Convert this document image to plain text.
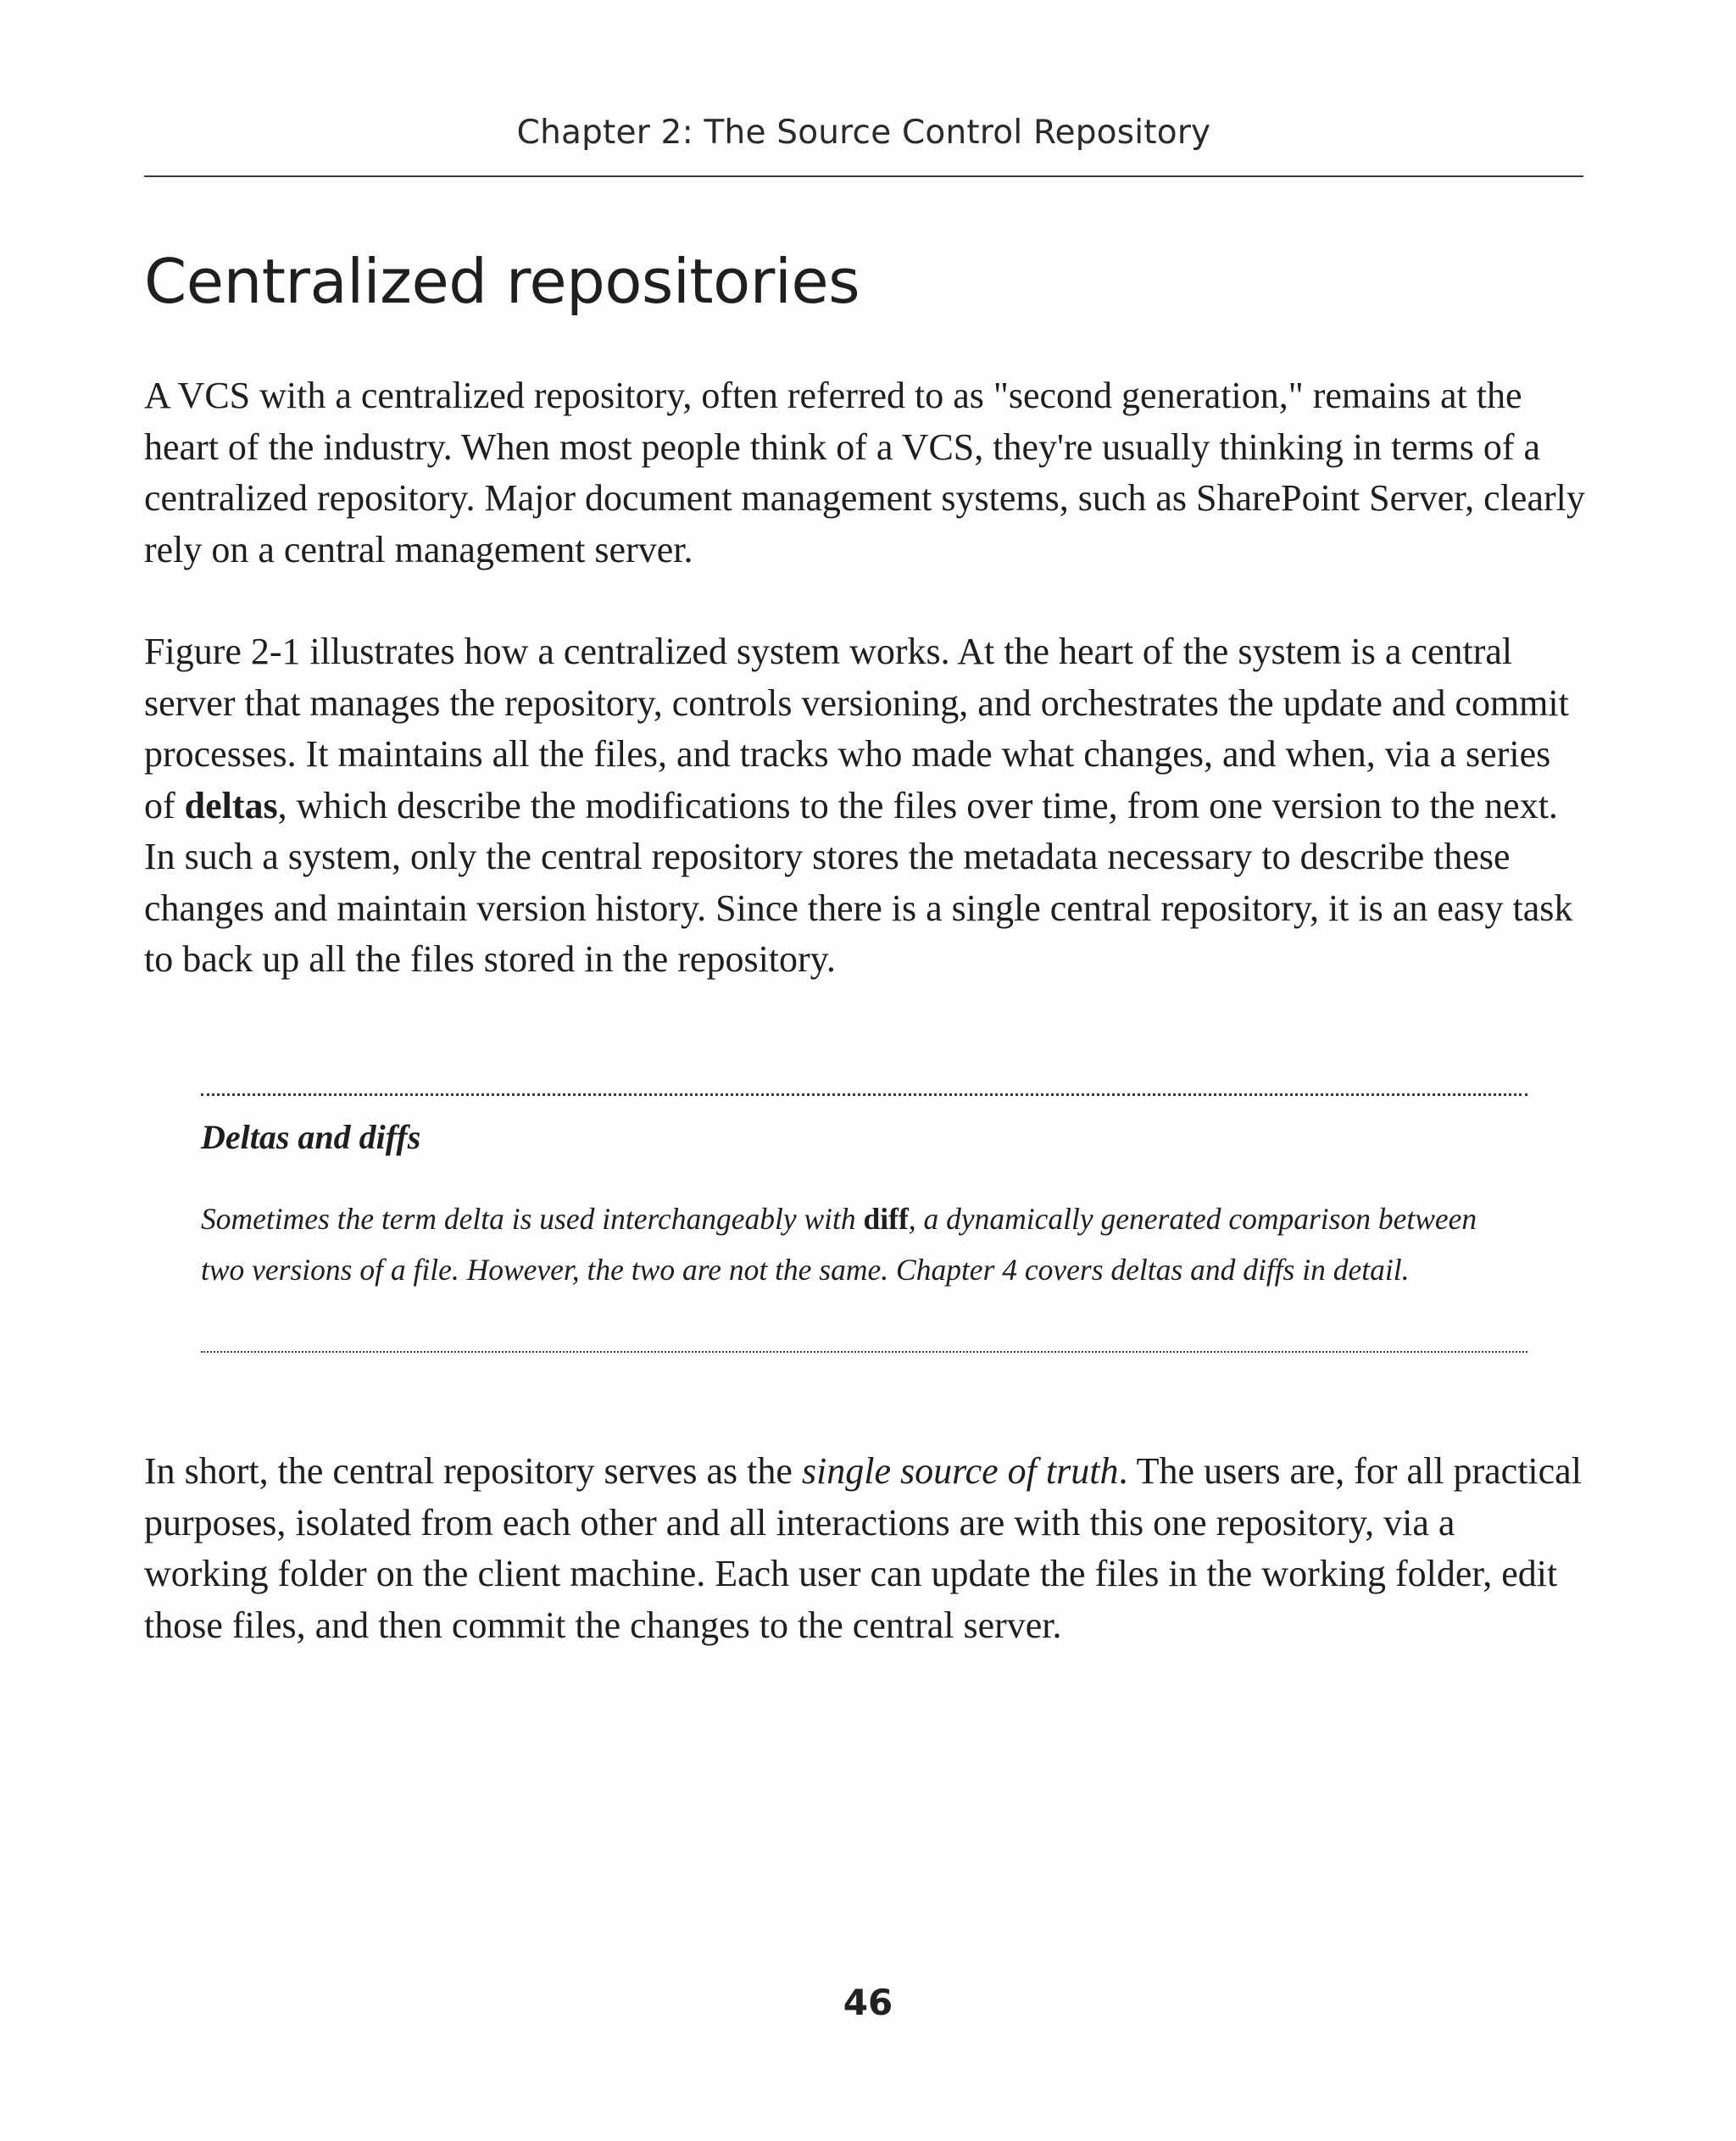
Chapter 2: The Source Control Repository
Centralized repositories

A VCS with a centralized repository, often referred to as "second generation," remains at the heart of the industry. When most people think of a VCS, they're usually thinking in terms of a centralized repository. Major document management systems, such as SharePoint Server, clearly rely on a central management server.

Figure 2-1 illustrates how a centralized system works. At the heart of the system is a central server that manages the repository, controls versioning, and orchestrates the update and commit processes. It maintains all the files, and tracks who made what changes, and when, via a series of deltas, which describe the modifications to the files over time, from one version to the next. In such a system, only the central repository stores the metadata necessary to describe these changes and maintain version history. Since there is a single central repository, it is an easy task to back up all the files stored in the repository.

Deltas and diffs

Sometimes the term delta is used interchangeably with diff, a dynamically generated comparison between two versions of a file. However, the two are not the same. Chapter 4 covers deltas and diffs in detail.

In short, the central repository serves as the single source of truth. The users are, for all practical purposes, isolated from each other and all interactions are with this one repository, via a working folder on the client machine. Each user can update the files in the working folder, edit those files, and then commit the changes to the central server.

46
